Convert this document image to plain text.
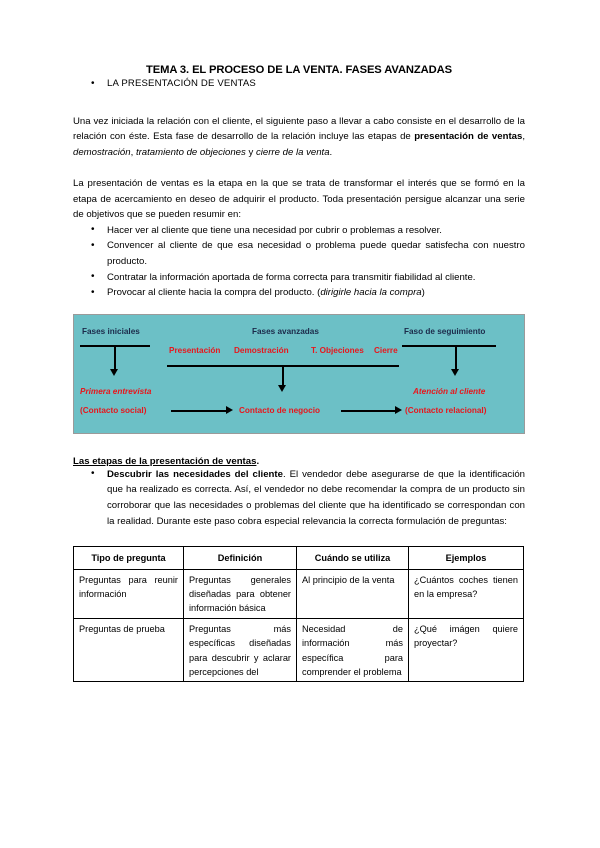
TEMA 3. EL PROCESO DE LA VENTA. FASES AVANZADAS
• LA PRESENTACIÓN DE VENTAS

Una vez iniciada la relación con el cliente, el siguiente paso a llevar a cabo consiste en el desarrollo de la relación con éste. Esta fase de desarrollo de la relación incluye las etapas de presentación de ventas, demostración, tratamiento de objeciones y cierre de la venta.

La presentación de ventas es la etapa en la que se trata de transformar el interés que se formó en la etapa de acercamiento en deseo de adquirir el producto. Toda presentación persigue alcanzar una serie de objetivos que se pueden resumir en:

• Hacer ver al cliente que tiene una necesidad por cubrir o problemas a resolver.
• Convencer al cliente de que esa necesidad o problema puede quedar satisfecha con nuestro producto.
• Contratar la información aportada de forma correcta para transmitir fiabilidad al cliente.
• Provocar al cliente hacia la compra del producto. (dirigirle hacia la compra)
Fases iniciales
Primera entrevista
(Contacto social)
Fases avanzadas
Presentación Demostración	T. Objeciones Cierre
Contacto de negocio
Faso de seguimiento
Atención al cliente
(Contacto relacional)
Las etapas de la presentación de ventas.
• Descubrir las necesidades del cliente. El vendedor debe asegurarse de que la identificación que ha realizado es correcta. Así, el vendedor no debe recomendar la compra de un producto sin corroborar que las necesidades o problemas del cliente que ha identificado se correspondan con la realidad. Durante este paso cobra especial relevancia la correcta formulación de preguntas:
Tipo de pregunta	Definición	Cuándo se utiliza	Ejemplos
Preguntas para reunir información	Preguntas generales diseñadas para obtener información básica	Al principio de la venta	¿Cuántos coches tienen en la empresa?
Preguntas de prueba	Preguntas más específicas diseñadas para descubrir y aclarar percepciones del	Necesidad de información más específica para comprender el problema	¿Qué imágen quiere proyectar?
